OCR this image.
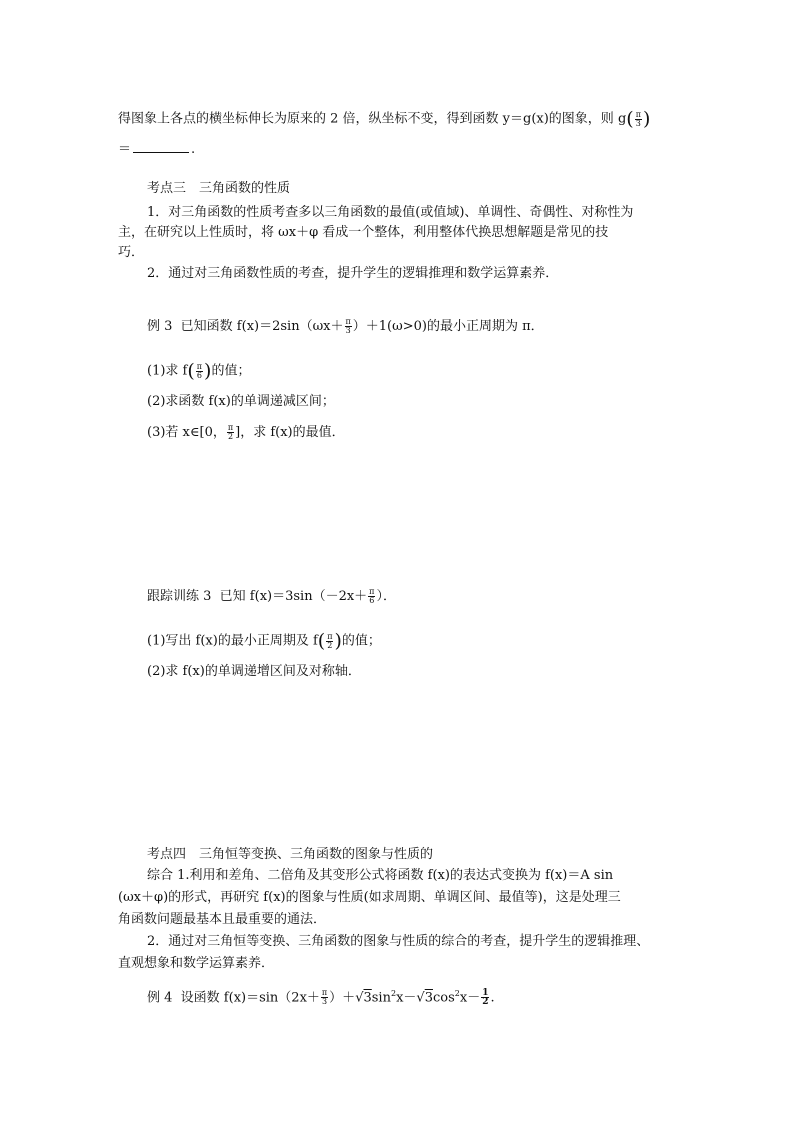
得图象上各点的横坐标伸长为原来的 2 倍，纵坐标不变，得到函数 y＝g(x)的图象，则 $g( \frac{\pi}{3}$ )
＝	.
考点三　三角函数的性质
1．对三角函数的性质考查多以三角函数的最值(或值域)、单调性、奇偶性、对称性为
主，在研究以上性质时，将 ωx＋φ 看成一个整体，利用整体代换思想解题是常见的技
巧．
2．通过对三角函数性质的考查，提升学生的逻辑推理和数学运算素养．
例 3 已知函数 $f(x)=2\sin(\omega x+ \frac{\pi}{3} )+1(\omega>0)$的最小正周期为 π．
(1)求 $f( \frac{\pi}{6}$ )的值；
(2)求函数 f(x)的单调递减区间；
(3)若 x∈[0， $\frac{\pi}{2}$ ]，求 f(x)的最值．
跟踪训练 3 已知 $f(x)=3\sin(-2x+ \frac{\pi}{6}$ ）．
(1)写出 f(x)的最小正周期及 $f( \frac{\pi}{2}$ )的值；
(2)求 f(x)的单调递增区间及对称轴．
考点四　三角恒等变换、三角函数的图象与性质的
综合 1.利用和差角、二倍角及其变形公式将函数 f(x)的表达式变换为 f(x)＝A sin
(ωx＋φ)的形式，再研究 f(x)的图象与性质(如求周期、单调区间、最值等)，这是处理三
角函数问题最基本且最重要的通法．
2．通过对三角恒等变换、三角函数的图象与性质的综合的考查，提升学生的逻辑推理、
直观想象和数学运算素养．
例 4 设函数 $f(x)=\sin(2x+ \frac{\pi}{3} )+√3\sin^2x-√3\cos^2x- \frac{1}{2}$ .
